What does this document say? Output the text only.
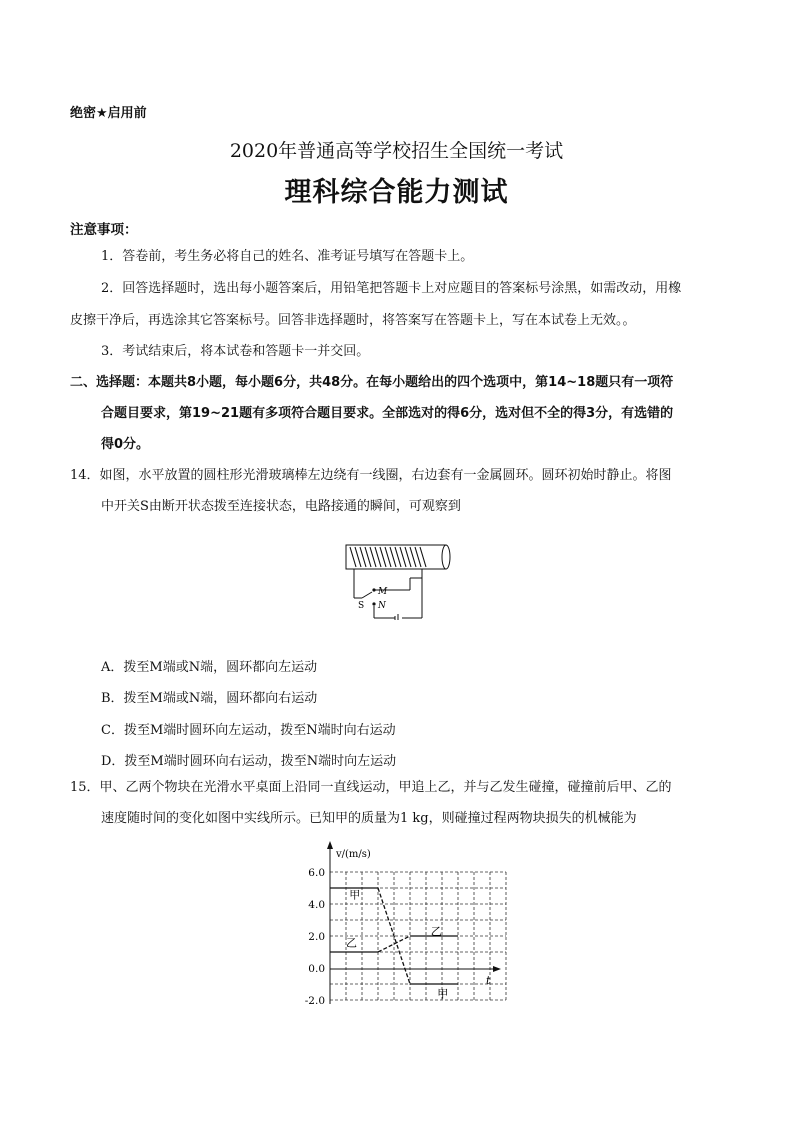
绝密★启用前
2020年普通高等学校招生全国统一考试
理科综合能力测试
注意事项：
1．答卷前，考生务必将自己的姓名、准考证号填写在答题卡上。
2．回答选择题时，选出每小题答案后，用铅笔把答题卡上对应题目的答案标号涂黑，如需改动，用橡
皮擦干净后，再选涂其它答案标号。回答非选择题时，将答案写在答题卡上，写在本试卷上无效。。
3．考试结束后，将本试卷和答题卡一并交回。
二、选择题：本题共8小题，每小题6分，共48分。在每小题给出的四个选项中，第14~18题只有一项符
合题目要求，第19~21题有多项符合题目要求。全部选对的得6分，选对但不全的得3分，有选错的
得0分。
14．如图，水平放置的圆柱形光滑玻璃棒左边绕有一线圈，右边套有一金属圆环。圆环初始时静止。将图
中开关S由断开状态拨至连接状态，电路接通的瞬间，可观察到
M
N
S
A．拨至M端或N端，圆环都向左运动
B．拨至M端或N端，圆环都向右运动
C．拨至M端时圆环向左运动，拨至N端时向右运动
D．拨至M端时圆环向右运动，拨至N端时向左运动
15．甲、乙两个物块在光滑水平桌面上沿同一直线运动，甲追上乙，并与乙发生碰撞，碰撞前后甲、乙的
速度随时间的变化如图中实线所示。已知甲的质量为1 kg，则碰撞过程两物块损失的机械能为
6.0
4.0
2.0
0.0
-2.0
甲
乙
乙
甲
v/(m/s)
t
